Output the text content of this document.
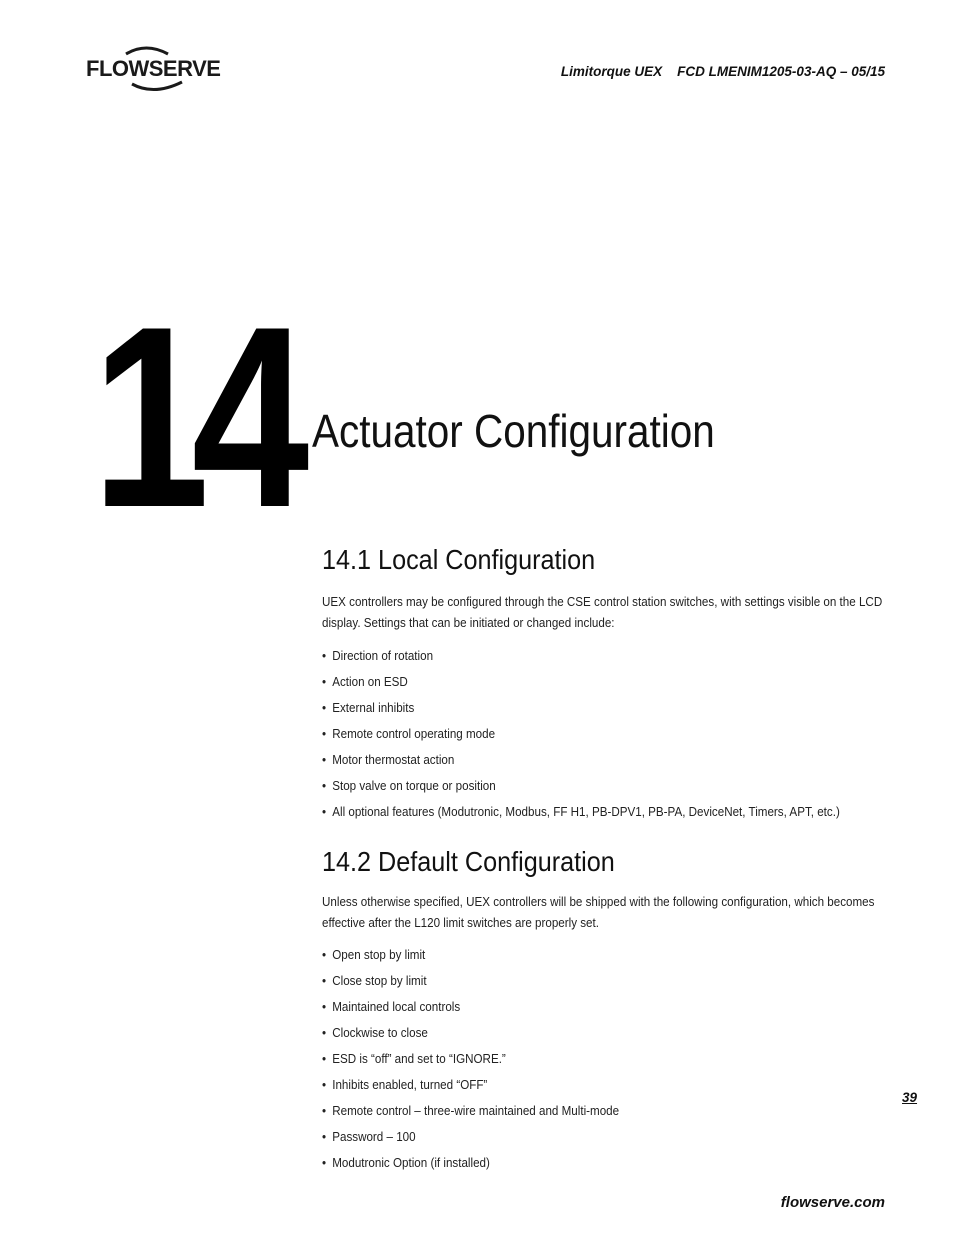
FLOWSERVE	Limitorque UEX    FCD LMENIM1205-03-AQ – 05/15
14 Actuator Configuration
14.1 Local Configuration

UEX controllers may be configured through the CSE control station switches, with settings visible on the LCD display. Settings that can be initiated or changed include:

• Direction of rotation
• Action on ESD
• External inhibits
• Remote control operating mode
• Motor thermostat action
• Stop valve on torque or position
• All optional features (Modutronic, Modbus, FF H1, PB-DPV1, PB-PA, DeviceNet, Timers, APT, etc.)
14.2 Default Configuration

Unless otherwise specified, UEX controllers will be shipped with the following configuration, which becomes effective after the L120 limit switches are properly set.

• Open stop by limit
• Close stop by limit
• Maintained local controls
• Clockwise to close
• ESD is “off” and set to “IGNORE.”
• Inhibits enabled, turned “OFF”
• Remote control – three-wire maintained and Multi-mode
• Password – 100
• Modutronic Option (if installed)
39
flowserve.com
